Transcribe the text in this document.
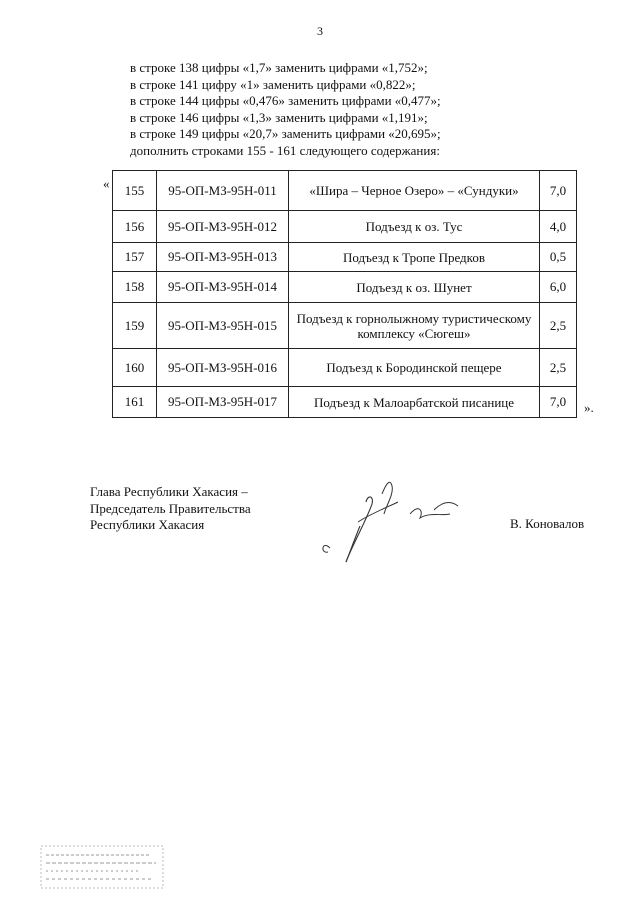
3
в строке 138 цифры «1,7» заменить цифрами «1,752»;
в строке 141 цифру «1» заменить цифрами «0,822»;
в строке 144 цифры «0,476» заменить цифрами «0,477»;
в строке 146 цифры «1,3» заменить цифрами «1,191»;
в строке 149 цифры «20,7» заменить цифрами «20,695»;
дополнить строками 155 - 161 следующего содержания:
« 155	95-ОП-МЗ-95Н-011	«Шира – Черное Озеро» – «Сундуки»	7,0
156	95-ОП-МЗ-95Н-012	Подъезд к оз. Тус	4,0
157	95-ОП-МЗ-95Н-013	Подъезд к Тропе Предков	0,5
158	95-ОП-МЗ-95Н-014	Подъезд к оз. Шунет	6,0
159	95-ОП-МЗ-95Н-015	Подъезд к горнолыжному туристическому комплексу «Сюгеш»	2,5
160	95-ОП-МЗ-95Н-016	Подъезд к Бородинской пещере	2,5
161	95-ОП-МЗ-95Н-017	Подъезд к Малоарбатской писанице	7,0 ».
Глава Республики Хакасия –
Председатель Правительства
Республики Хакасия	В. Коновалов
